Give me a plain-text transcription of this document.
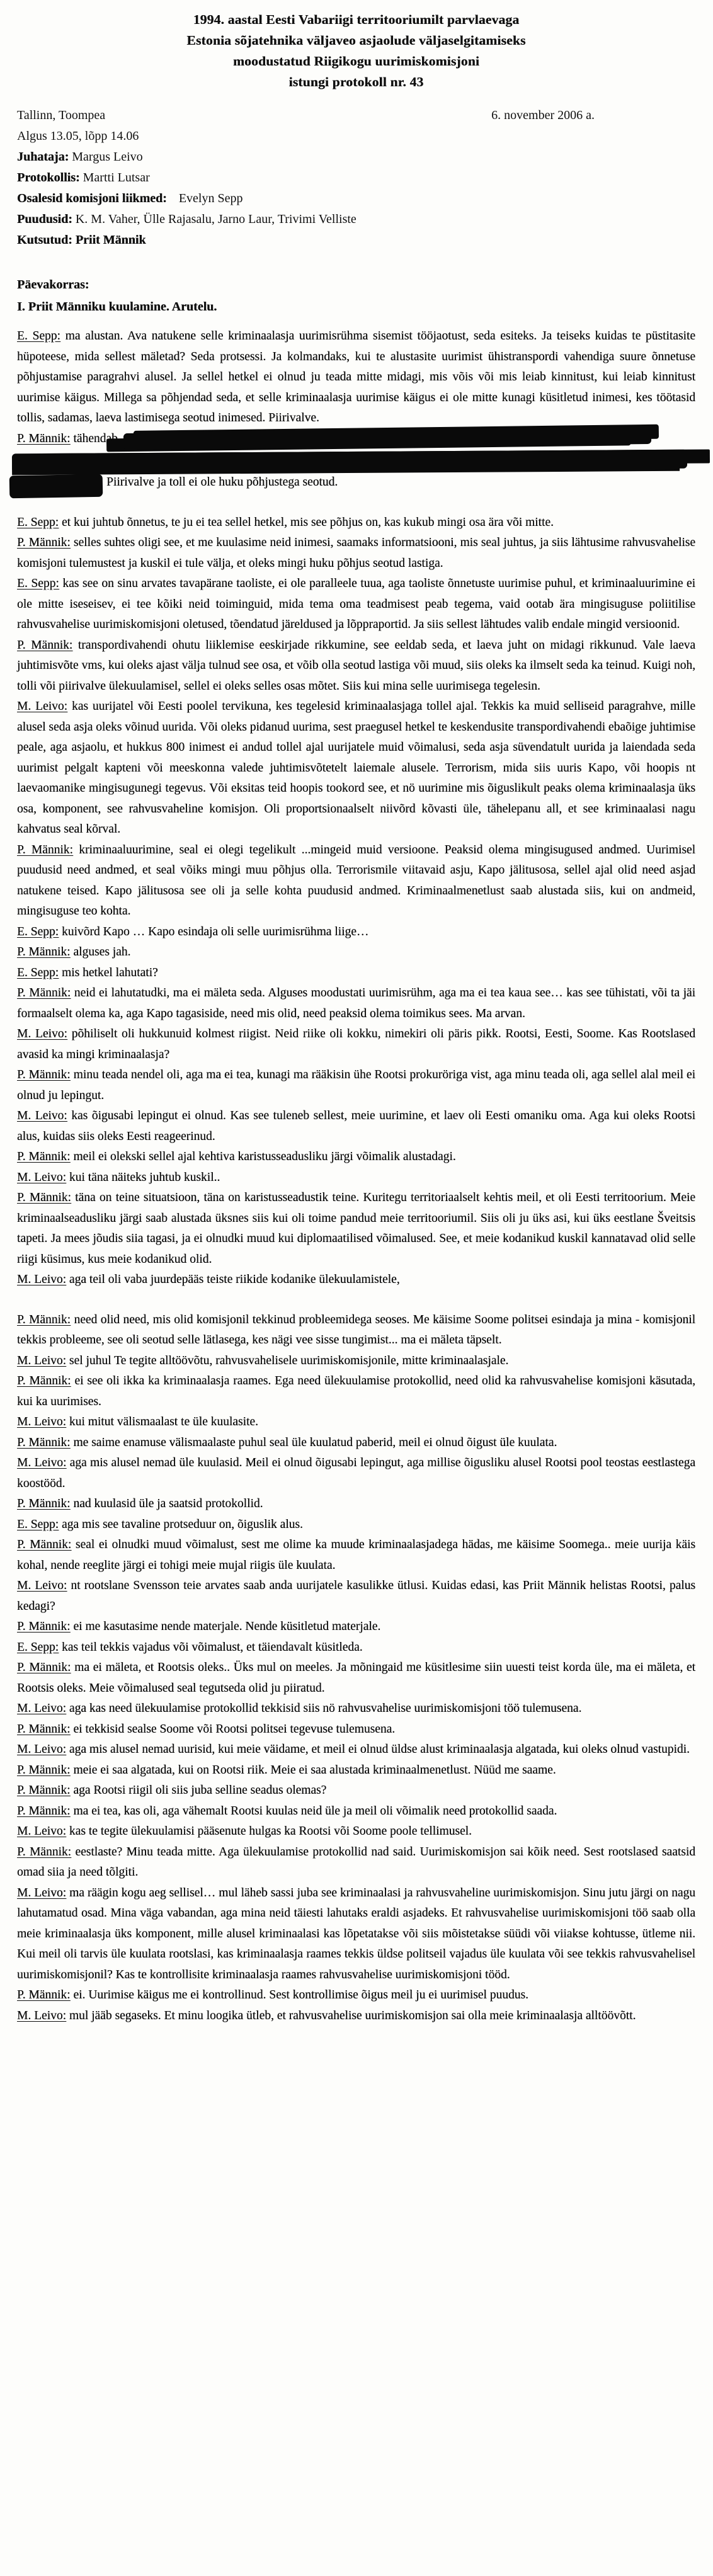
1994. aastal Eesti Vabariigi territooriumilt parvlaevaga
Estonia sõjatehnika väljaveo asjaolude väljaselgitamiseks
moodustatud Riigikogu uurimiskomisjoni
istungi protokoll nr. 43
Tallinn, Toompea	6. november 2006 a.
Algus 13.05, lõpp 14.06
Juhataja: Margus Leivo
Protokollis: Martti Lutsar
Osalesid komisjoni liikmed: Evelyn Sepp
Puudusid: K. M. Vaher, Ülle Rajasalu, Jarno Laur, Trivimi Velliste
Kutsutud: Priit Männik
Päevakorras:
I. Priit Männiku kuulamine. Arutelu.

E. Sepp: ma alustan. Ava natukene selle kriminaalasja uurimisrühma sisemist tööjaotust, seda esiteks. Ja teiseks kuidas te püstitasite hüpoteese, mida sellest mäletad? Seda protsessi. Ja kolmandaks, kui te alustasite uurimist ühistranspordi vahendiga suure õnnetuse põhjustamise paragrahvi alusel. Ja sellel hetkel ei olnud ju teada mitte midagi, mis võis või mis leiab kinnitust, kui leiab kinnitust uurimise käigus. Millega sa põhjendad seda, et selle kriminaalasja uurimise käigus ei ole mitte kunagi küsitletud inimesi, kes töötasid tollis, sadamas, laeva lastimisega seotud inimesed. Piirivalve.

P. Männik: tähendab
Piirivalve ja toll ei ole huku põhjustega seotud.

E. Sepp: et kui juhtub õnnetus, te ju ei tea sellel hetkel, mis see põhjus on, kas kukub mingi osa ära või mitte.

P. Männik: selles suhtes oligi see, et me kuulasime neid inimesi, saamaks informatsiooni, mis seal juhtus, ja siis lähtusime rahvusvahelise komisjoni tulemustest ja kuskil ei tule välja, et oleks mingi huku põhjus seotud lastiga.

E. Sepp: kas see on sinu arvates tavapärane taoliste, ei ole paralleele tuua, aga taoliste õnnetuste uurimise puhul, et kriminaaluurimine ei ole mitte iseseisev, ei tee kõiki neid toiminguid, mida tema oma teadmisest peab tegema, vaid ootab ära mingisuguse poliitilise rahvusvahelise uurimiskomisjoni oletused, tõendatud järeldused ja lõppraportid. Ja siis sellest lähtudes valib endale mingid versioonid.

P. Männik: transpordivahendi ohutu liiklemise eeskirjade rikkumine, see eeldab seda, et laeva juht on midagi rikkunud. Vale laeva juhtimisvõte vms, kui oleks ajast välja tulnud see osa, et võib olla seotud lastiga või muud, siis oleks ka ilmselt seda ka teinud. Kuigi noh, tolli või piirivalve ülekuulamisel, sellel ei oleks selles osas mõtet. Siis kui mina selle uurimisega tegelesin.

M. Leivo: kas uurijatel või Eesti poolel tervikuna, kes tegelesid kriminaalasjaga tollel ajal. Tekkis ka muid selliseid paragrahve, mille alusel seda asja oleks võinud uurida. Või oleks pidanud uurima, sest praegusel hetkel te keskendusite transpordivahendi ebaõige juhtimise peale, aga asjaolu, et hukkus 800 inimest ei andud tollel ajal uurijatele muid võimalusi, seda asja süvendatult uurida ja laiendada seda uurimist pelgalt kapteni või meeskonna valede juhtimisvõtetelt laiemale alusele. Terrorism, mida siis uuris Kapo, või hoopis nt laevaomanike mingisugunegi tegevus. Või eksitas teid hoopis tookord see, et nö uurimine mis õiguslikult peaks olema kriminaalasja üks osa, komponent, see rahvusvaheline komisjon. Oli proportsionaalselt niivõrd kõvasti üle, tähelepanu all, et see kriminaalasi nagu kahvatus seal kõrval.

P. Männik: kriminaaluurimine, seal ei olegi tegelikult ...mingeid muid versioone. Peaksid olema mingisugused andmed. Uurimisel puudusid need andmed, et seal võiks mingi muu põhjus olla. Terrorismile viitavaid asju, Kapo jälitusosa, sellel ajal olid need asjad natukene teised. Kapo jälitusosa see oli ja selle kohta puudusid andmed. Kriminaalmenetlust saab alustada siis, kui on andmeid, mingisuguse teo kohta.

E. Sepp: kuivõrd Kapo … Kapo esindaja oli selle uurimisrühma liige…

P. Männik: alguses jah.

E. Sepp: mis hetkel lahutati?

P. Männik: neid ei lahutatudki, ma ei mäleta seda. Alguses moodustati uurimisrühm, aga ma ei tea kaua see… kas see tühistati, või ta jäi formaalselt olema ka, aga Kapo tagasiside, need mis olid, need peaksid olema toimikus sees. Ma arvan.

M. Leivo: põhiliselt oli hukkunuid kolmest riigist. Neid riike oli kokku, nimekiri oli päris pikk. Rootsi, Eesti, Soome. Kas Rootslased avasid ka mingi kriminaalasja?

P. Männik: minu teada nendel oli, aga ma ei tea, kunagi ma rääkisin ühe Rootsi prokuröriga vist, aga minu teada oli, aga sellel alal meil ei olnud ju lepingut.

M. Leivo: kas õigusabi lepingut ei olnud. Kas see tuleneb sellest, meie uurimine, et laev oli Eesti omaniku oma. Aga kui oleks Rootsi alus, kuidas siis oleks Eesti reageerinud.

P. Männik: meil ei olekski sellel ajal kehtiva karistusseadusliku järgi võimalik alustadagi.

M. Leivo: kui täna näiteks juhtub kuskil..

P. Männik: täna on teine situatsioon, täna on karistusseadustik teine. Kuritegu territoriaalselt kehtis meil, et oli Eesti territoorium. Meie kriminaalseadusliku järgi saab alustada üksnes siis kui oli toime pandud meie territooriumil. Siis oli ju üks asi, kui üks eestlane Šveitsis tapeti. Ja mees jõudis siia tagasi, ja ei olnudki muud kui diplomaatilised võimalused. See, et meie kodanikud kuskil kannatavad olid selle riigi küsimus, kus meie kodanikud olid.

M. Leivo: aga teil oli vaba juurdepääs teiste riikide kodanike ülekuulamistele,

P. Männik: need olid need, mis olid komisjonil tekkinud probleemidega seoses. Me käisime Soome politsei esindaja ja mina - komisjonil tekkis probleeme, see oli seotud selle lätlasega, kes nägi vee sisse tungimist... ma ei mäleta täpselt.

M. Leivo: sel juhul Te tegite alltöövõtu, rahvusvahelisele uurimiskomisjonile, mitte kriminaalasjale.

P. Männik: ei see oli ikka ka kriminaalasja raames. Ega need ülekuulamise protokollid, need olid ka rahvusvahelise komisjoni käsutada, kui ka uurimises.

M. Leivo: kui mitut välismaalast te üle kuulasite.

P. Männik: me saime enamuse välismaalaste puhul seal üle kuulatud paberid, meil ei olnud õigust üle kuulata.

M. Leivo: aga mis alusel nemad üle kuulasid. Meil ei olnud õigusabi lepingut, aga millise õigusliku alusel Rootsi pool teostas eestlastega koostööd.

P. Männik: nad kuulasid üle ja saatsid protokollid.

E. Sepp: aga mis see tavaline protseduur on, õiguslik alus.

P. Männik: seal ei olnudki muud võimalust, sest me olime ka muude kriminaalasjadega hädas, me käisime Soomega.. meie uurija käis kohal, nende reeglite järgi ei tohigi meie mujal riigis üle kuulata.

M. Leivo: nt rootslane Svensson teie arvates saab anda uurijatele kasulikke ütlusi. Kuidas edasi, kas Priit Männik helistas Rootsi, palus kedagi?

P. Männik: ei me kasutasime nende materjale. Nende küsitletud materjale.

E. Sepp: kas teil tekkis vajadus või võimalust, et täiendavalt küsitleda.

P. Männik: ma ei mäleta, et Rootsis oleks.. Üks mul on meeles. Ja mõningaid me küsitlesime siin uuesti teist korda üle, ma ei mäleta, et Rootsis oleks. Meie võimalused seal tegutseda olid ju piiratud.

M. Leivo: aga kas need ülekuulamise protokollid tekkisid siis nö rahvusvahelise uurimiskomisjoni töö tulemusena.

P. Männik: ei tekkisid sealse Soome või Rootsi politsei tegevuse tulemusena.

M. Leivo: aga mis alusel nemad uurisid, kui meie väidame, et meil ei olnud üldse alust kriminaalasja algatada, kui oleks olnud vastupidi.

P. Männik: meie ei saa algatada, kui on Rootsi riik. Meie ei saa alustada kriminaalmenetlust. Nüüd me saame.

P. Männik: aga Rootsi riigil oli siis juba selline seadus olemas?

P. Männik: ma ei tea, kas oli, aga vähemalt Rootsi kuulas neid üle ja meil oli võimalik need protokollid saada.

M. Leivo: kas te tegite ülekuulamisi pääsenute hulgas ka Rootsi või Soome poole tellimusel.

P. Männik: eestlaste? Minu teada mitte. Aga ülekuulamise protokollid nad said. Uurimiskomisjon sai kõik need. Sest rootslased saatsid omad siia ja need tõlgiti.

M. Leivo: ma räägin kogu aeg sellisel… mul läheb sassi juba see kriminaalasi ja rahvusvaheline uurimiskomisjon. Sinu jutu järgi on nagu lahutamatud osad. Mina väga vabandan, aga mina neid täiesti lahutaks eraldi asjadeks. Et rahvusvahelise uurimiskomisjoni töö saab olla meie kriminaalasja üks komponent, mille alusel kriminaalasi kas lõpetatakse või siis mõistetakse süüdi või viiakse kohtusse, ütleme nii. Kui meil oli tarvis üle kuulata rootslasi, kas kriminaalasja raames tekkis üldse politseil vajadus üle kuulata või see tekkis rahvusvahelisel uurimiskomisjonil? Kas te kontrollisite kriminaalasja raames rahvusvahelise uurimiskomisjoni tööd.

P. Männik: ei. Uurimise käigus me ei kontrollinud. Sest kontrollimise õigus meil ju ei uurimisel puudus.

M. Leivo: mul jääb segaseks. Et minu loogika ütleb, et rahvusvahelise uurimiskomisjon sai olla meie kriminaalasja alltöövõtt.
